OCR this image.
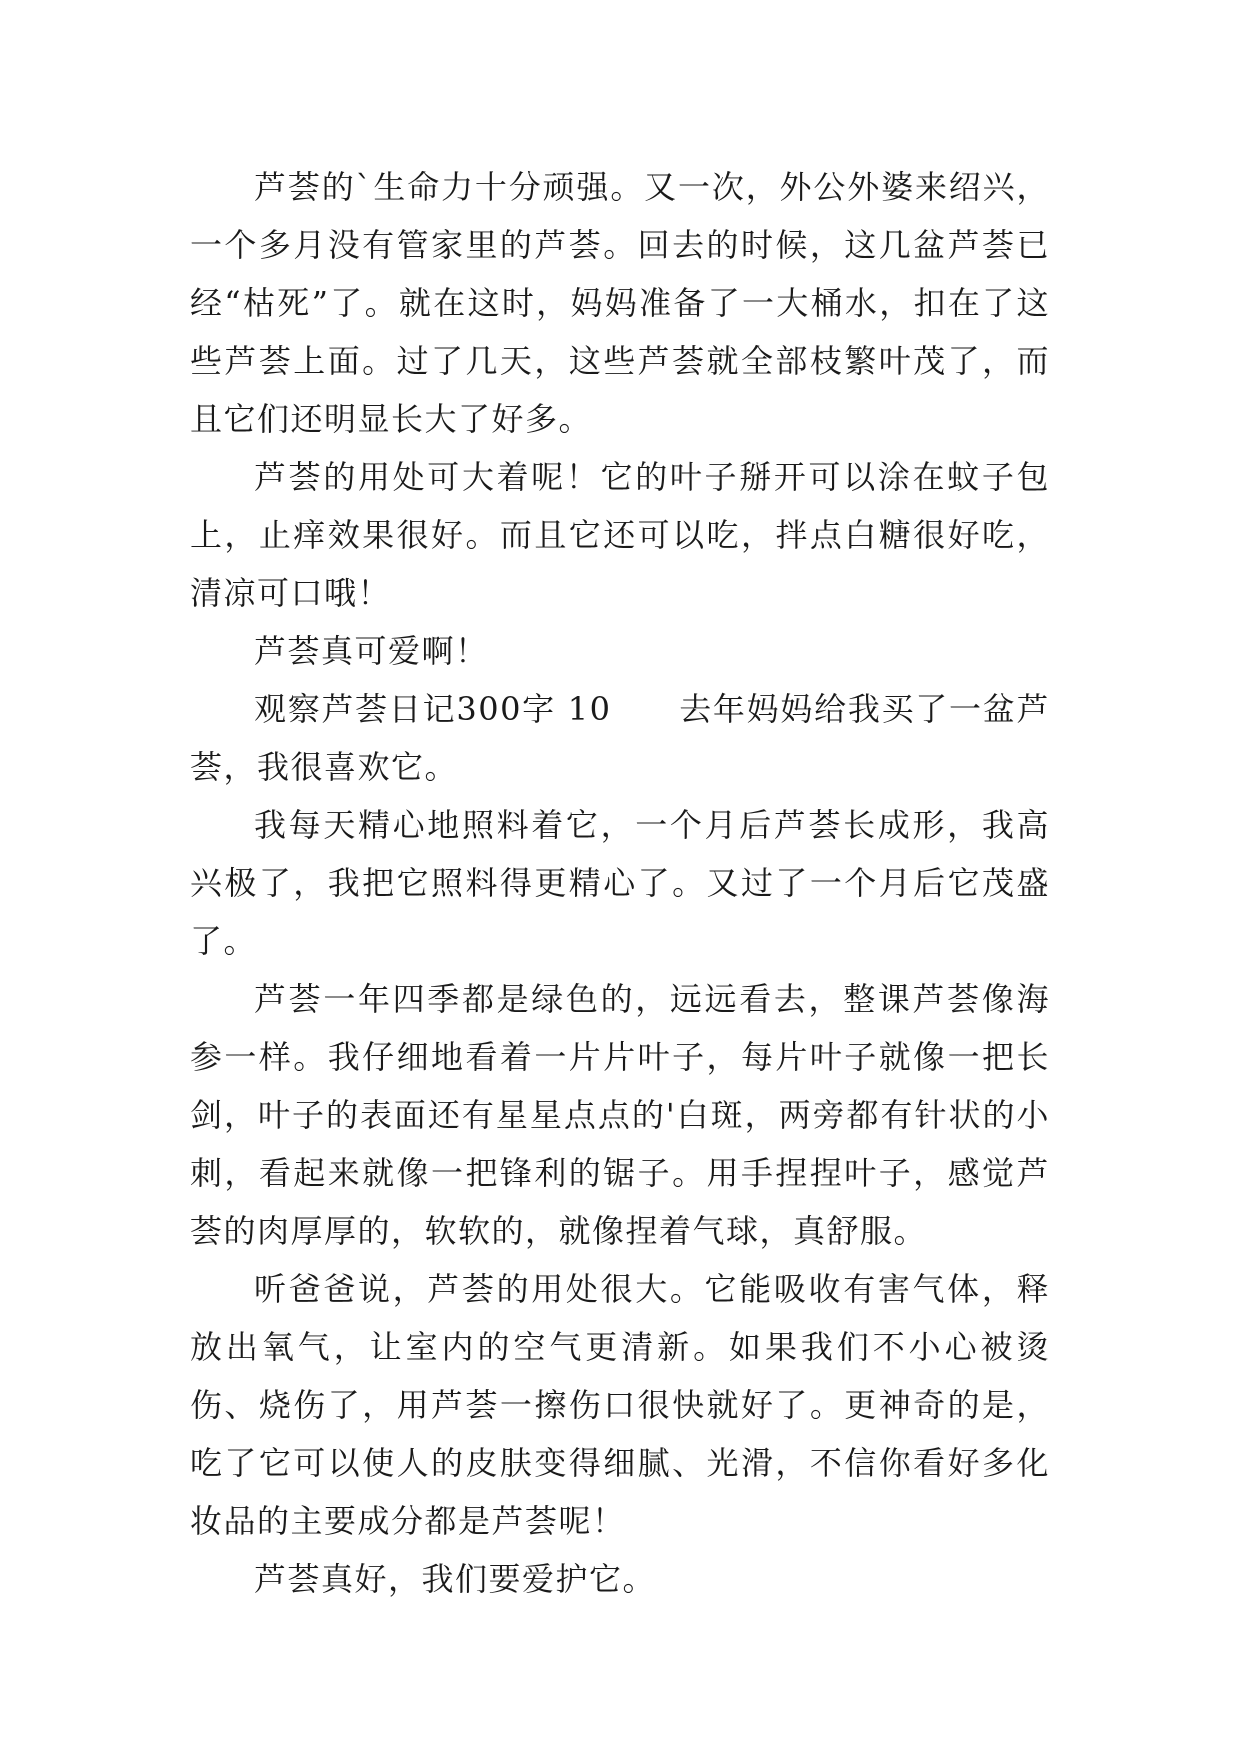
芦荟的`生命力十分顽强。又一次，外公外婆来绍兴，一个多月没有管家里的芦荟。回去的时候，这几盆芦荟已经“枯死”了。就在这时，妈妈准备了一大桶水，扣在了这些芦荟上面。过了几天，这些芦荟就全部枝繁叶茂了，而且它们还明显长大了好多。

芦荟的用处可大着呢！它的叶子掰开可以涂在蚊子包上，止痒效果很好。而且它还可以吃，拌点白糖很好吃，清凉可口哦！

芦荟真可爱啊！

观察芦荟日记300字 10　　去年妈妈给我买了一盆芦荟，我很喜欢它。

我每天精心地照料着它，一个月后芦荟长成形，我高兴极了，我把它照料得更精心了。又过了一个月后它茂盛了。

芦荟一年四季都是绿色的，远远看去，整课芦荟像海参一样。我仔细地看着一片片叶子，每片叶子就像一把长剑，叶子的表面还有星星点点的'白斑，两旁都有针状的小刺，看起来就像一把锋利的锯子。用手捏捏叶子，感觉芦荟的肉厚厚的，软软的，就像捏着气球，真舒服。

听爸爸说，芦荟的用处很大。它能吸收有害气体，释放出氧气，让室内的空气更清新。如果我们不小心被烫伤、烧伤了，用芦荟一擦伤口很快就好了。更神奇的是，吃了它可以使人的皮肤变得细腻、光滑，不信你看好多化妆品的主要成分都是芦荟呢！

芦荟真好，我们要爱护它。
